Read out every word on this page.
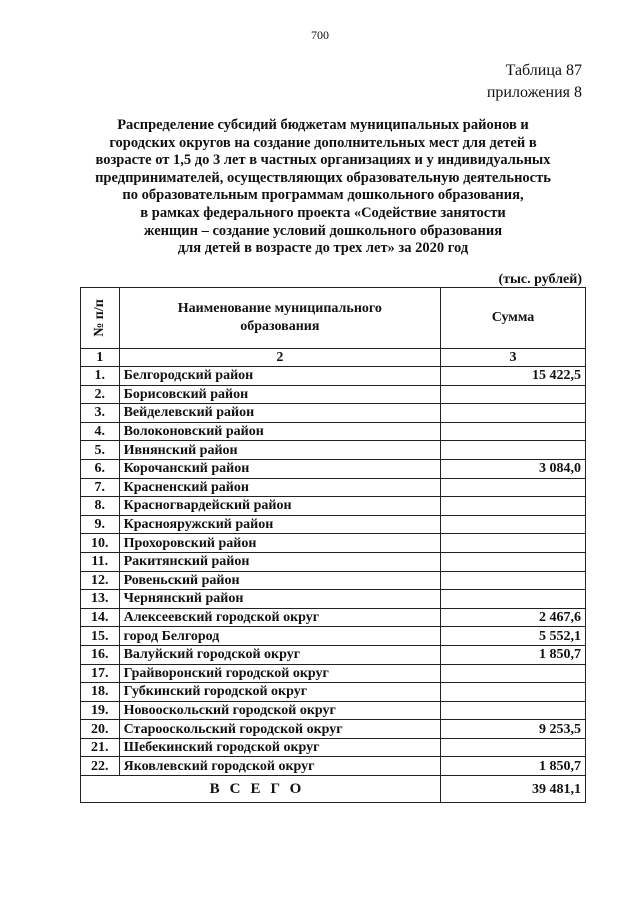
700
Таблица 87
приложения 8
Распределение субсидий бюджетам муниципальных районов и
городских округов на создание дополнительных мест для детей в
возрасте от 1,5 до 3 лет в частных организациях и у индивидуальных
предпринимателей, осуществляющих образовательную деятельность
по образовательным программам дошкольного образования,
в рамках федерального проекта «Содействие занятости
женщин – создание условий дошкольного образования
для детей в возрасте до трех лет» за 2020 год
(тыс. рублей)
№ п/п	Наименование муниципального образования	Сумма
1	2	3
1.	Белгородский район	15 422,5
2.	Борисовский район	
3.	Вейделевский район	
4.	Волоконовский район	
5.	Ивнянский район	
6.	Корочанский район	3 084,0
7.	Красненский район	
8.	Красногвардейский район	
9.	Краснояружский район	
10.	Прохоровский район	
11.	Ракитянский район	
12.	Ровеньский район	
13.	Чернянский район	
14.	Алексеевский городской округ	2 467,6
15.	город Белгород	5 552,1
16.	Валуйский городской округ	1 850,7
17.	Грайворонский городской округ	
18.	Губкинский городской округ	
19.	Новооскольский городской округ	
20.	Старооскольский городской округ	9 253,5
21.	Шебекинский городской округ	
22.	Яковлевский городской округ	1 850,7
ВСЕГО		39 481,1
